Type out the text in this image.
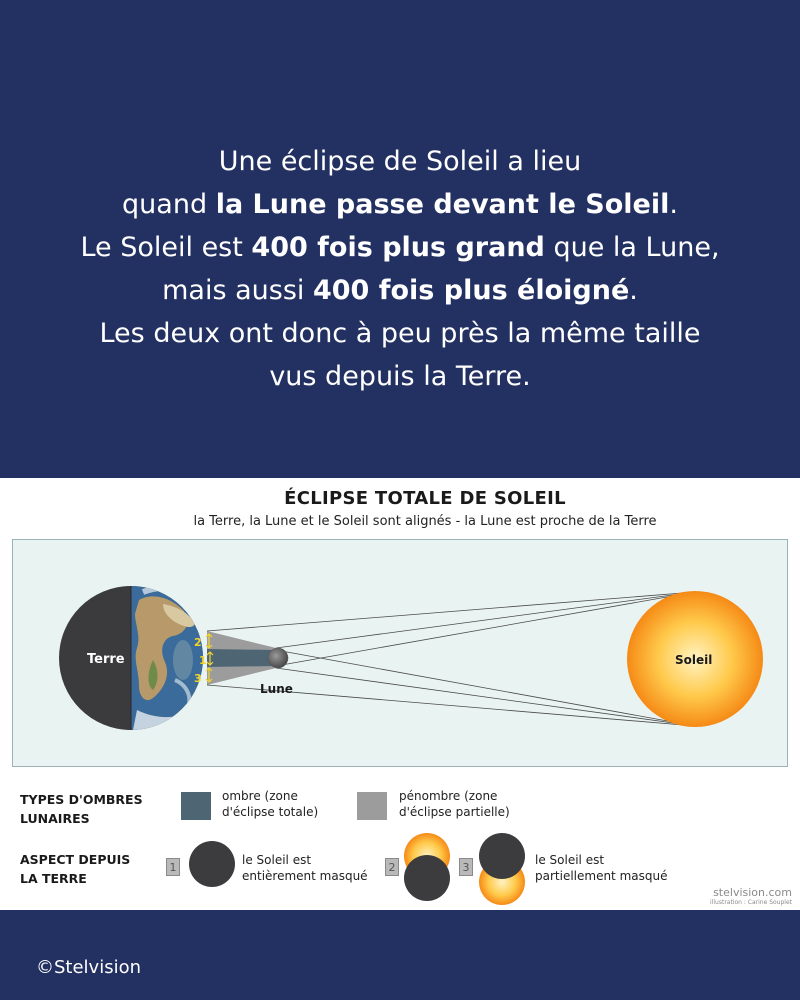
Une éclipse de Soleil a lieu
quand la Lune passe devant le Soleil.
Le Soleil est 400 fois plus grand que la Lune,
mais aussi 400 fois plus éloigné.
Les deux ont donc à peu près la même taille
vus depuis la Terre.
ÉCLIPSE TOTALE DE SOLEIL
la Terre, la Lune et le Soleil sont alignés - la Lune est proche de la Terre
Terre
2
1
3
Lune
Soleil
TYPES D'OMBRES
LUNAIRES
ombre (zone
d'éclipse totale)
pénombre (zone
d'éclipse partielle)
ASPECT DEPUIS
LA TERRE
1
le Soleil est
entièrement masqué
2	3
le Soleil est
partiellement masqué
stelvision.com
illustration : Carine Souplet
©Stelvision
